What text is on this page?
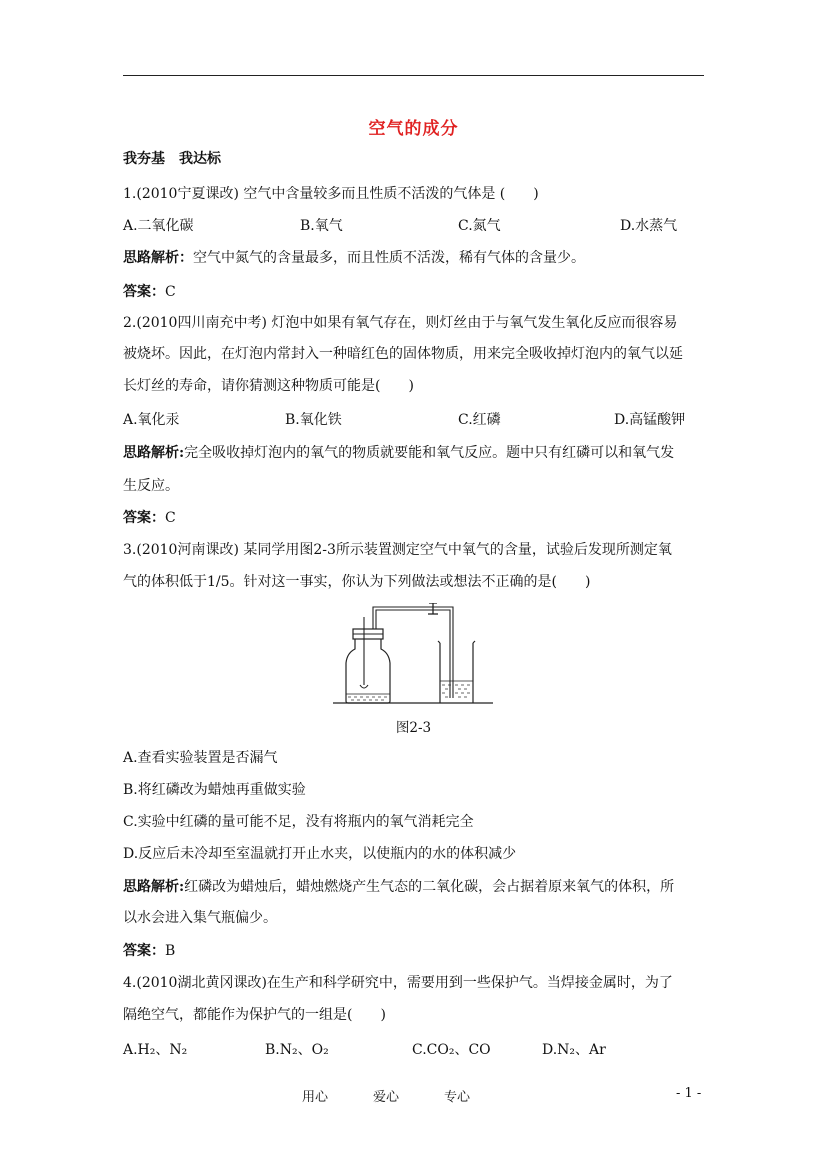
空气的成分
我夯基　我达标
1.(2010宁夏课改) 空气中含量较多而且性质不活泼的气体是 (　　)
A.二氧化碳	B.氧气	C.氮气	D.水蒸气
思路解析：空气中氮气的含量最多，而且性质不活泼，稀有气体的含量少。
答案：C
2.(2010四川南充中考) 灯泡中如果有氧气存在，则灯丝由于与氧气发生氧化反应而很容易
被烧坏。因此，在灯泡内常封入一种暗红色的固体物质，用来完全吸收掉灯泡内的氧气以延
长灯丝的寿命，请你猜测这种物质可能是(　　)
A.氧化汞	B.氧化铁	C.红磷	D.高锰酸钾
思路解析:完全吸收掉灯泡内的氧气的物质就要能和氧气反应。题中只有红磷可以和氧气发
生反应。
答案：C
3.(2010河南课改) 某同学用图2-3所示装置测定空气中氧气的含量，试验后发现所测定氧
气的体积低于1/5。针对这一事实，你认为下列做法或想法不正确的是(　　)
图2-3
A.查看实验装置是否漏气
B.将红磷改为蜡烛再重做实验
C.实验中红磷的量可能不足，没有将瓶内的氧气消耗完全
D.反应后未冷却至室温就打开止水夹，以使瓶内的水的体积减少
思路解析:红磷改为蜡烛后，蜡烛燃烧产生气态的二氧化碳，会占据着原来氧气的体积，所
以水会进入集气瓶偏少。
答案：B
4.(2010湖北黄冈课改)在生产和科学研究中，需要用到一些保护气。当焊接金属时，为了
隔绝空气，都能作为保护气的一组是(　　)
A.H₂、N₂	B.N₂、O₂	C.CO₂、CO	D.N₂、Ar
用心	爱心	专心	- 1 -
